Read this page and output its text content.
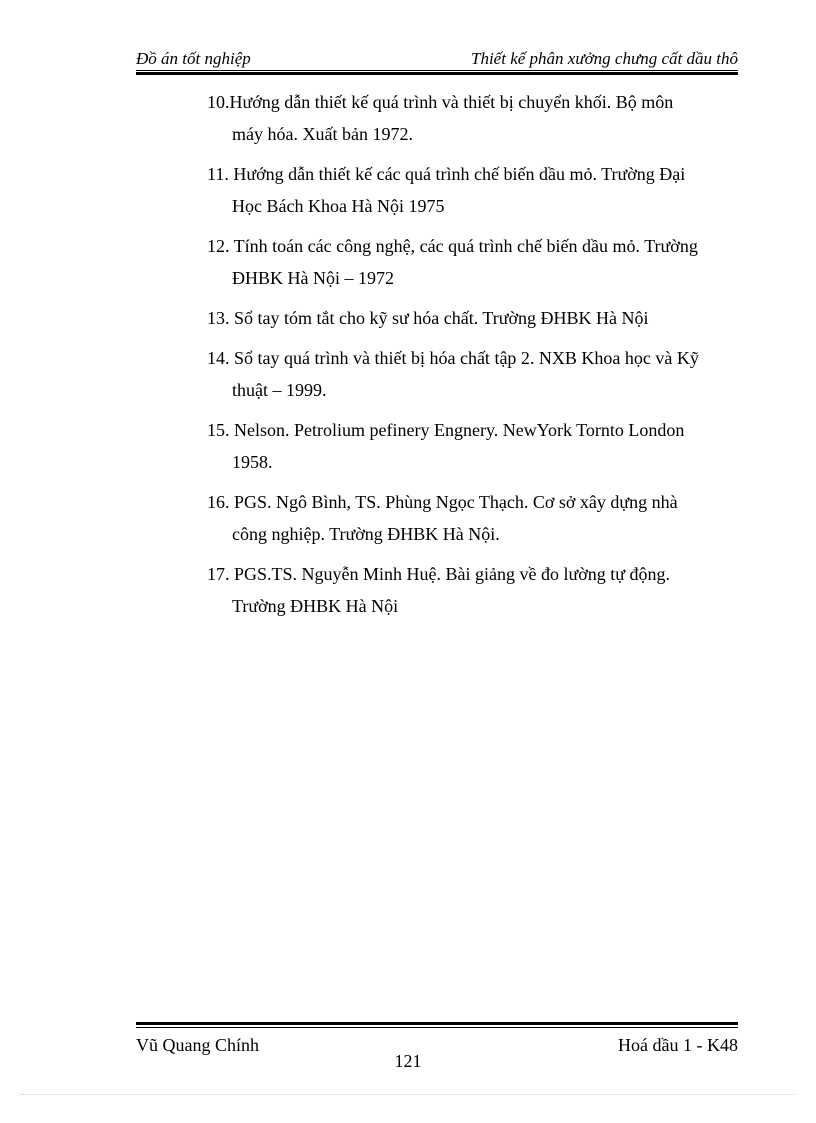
Đồ án tốt nghiệp	Thiết kế phân xưởng chưng cất dầu thô
10.Hướng dẫn thiết kế quá trình và thiết bị chuyển khối. Bộ môn
máy hóa. Xuất bản 1972.
11. Hướng dẫn thiết kế các quá trình chế biến dầu mỏ. Trường Đại
Học Bách Khoa Hà Nội 1975
12. Tính toán các công nghệ, các quá trình chế biến dầu mỏ. Trường
ĐHBK Hà Nội – 1972
13. Sổ tay tóm tắt cho kỹ sư hóa chất. Trường ĐHBK Hà Nội
14. Sổ tay quá trình và thiết bị hóa chất tập 2. NXB Khoa học và Kỹ
thuật – 1999.
15. Nelson. Petrolium pefinery Engnery. NewYork Tornto London
1958.
16. PGS. Ngô Bình, TS. Phùng Ngọc Thạch. Cơ sở xây dựng nhà
công nghiệp. Trường ĐHBK Hà Nội.
17. PGS.TS. Nguyễn Minh Huệ. Bài giảng về đo lường tự động.
Trường ĐHBK Hà Nội
Vũ Quang Chính	Hoá dầu 1 - K48
121
